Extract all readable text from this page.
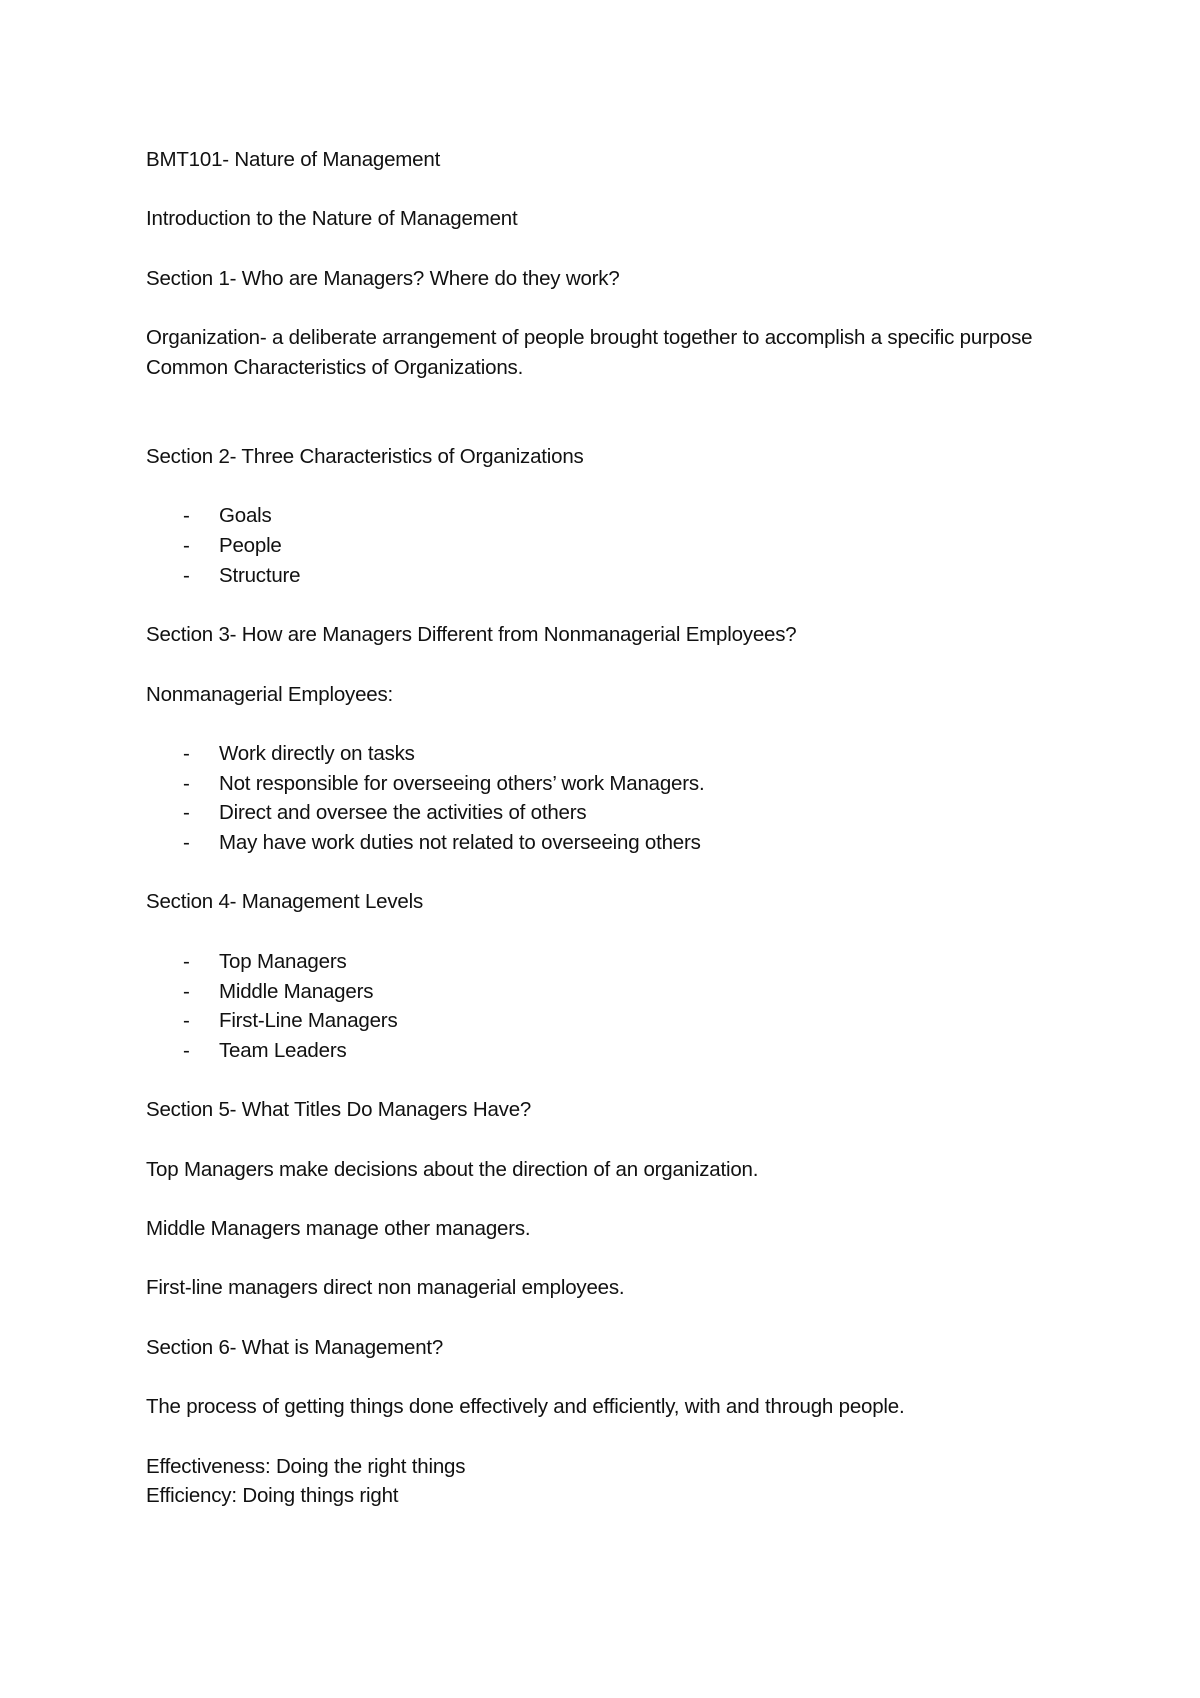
BMT101- Nature of Management

Introduction to the Nature of Management

Section 1- Who are Managers? Where do they work?

Organization- a deliberate arrangement of people brought together to accomplish a specific purpose Common Characteristics of Organizations.

Section 2- Three Characteristics of Organizations

- Goals
- People
- Structure

Section 3- How are Managers Different from Nonmanagerial Employees?

Nonmanagerial Employees:

- Work directly on tasks
- Not responsible for overseeing others’ work Managers.
- Direct and oversee the activities of others
- May have work duties not related to overseeing others

Section 4- Management Levels

- Top Managers
- Middle Managers
- First-Line Managers
- Team Leaders

Section 5- What Titles Do Managers Have?

Top Managers make decisions about the direction of an organization.

Middle Managers manage other managers.

First-line managers direct non managerial employees.

Section 6- What is Management?

The process of getting things done effectively and efficiently, with and through people.

Effectiveness: Doing the right things

Efficiency: Doing things right
